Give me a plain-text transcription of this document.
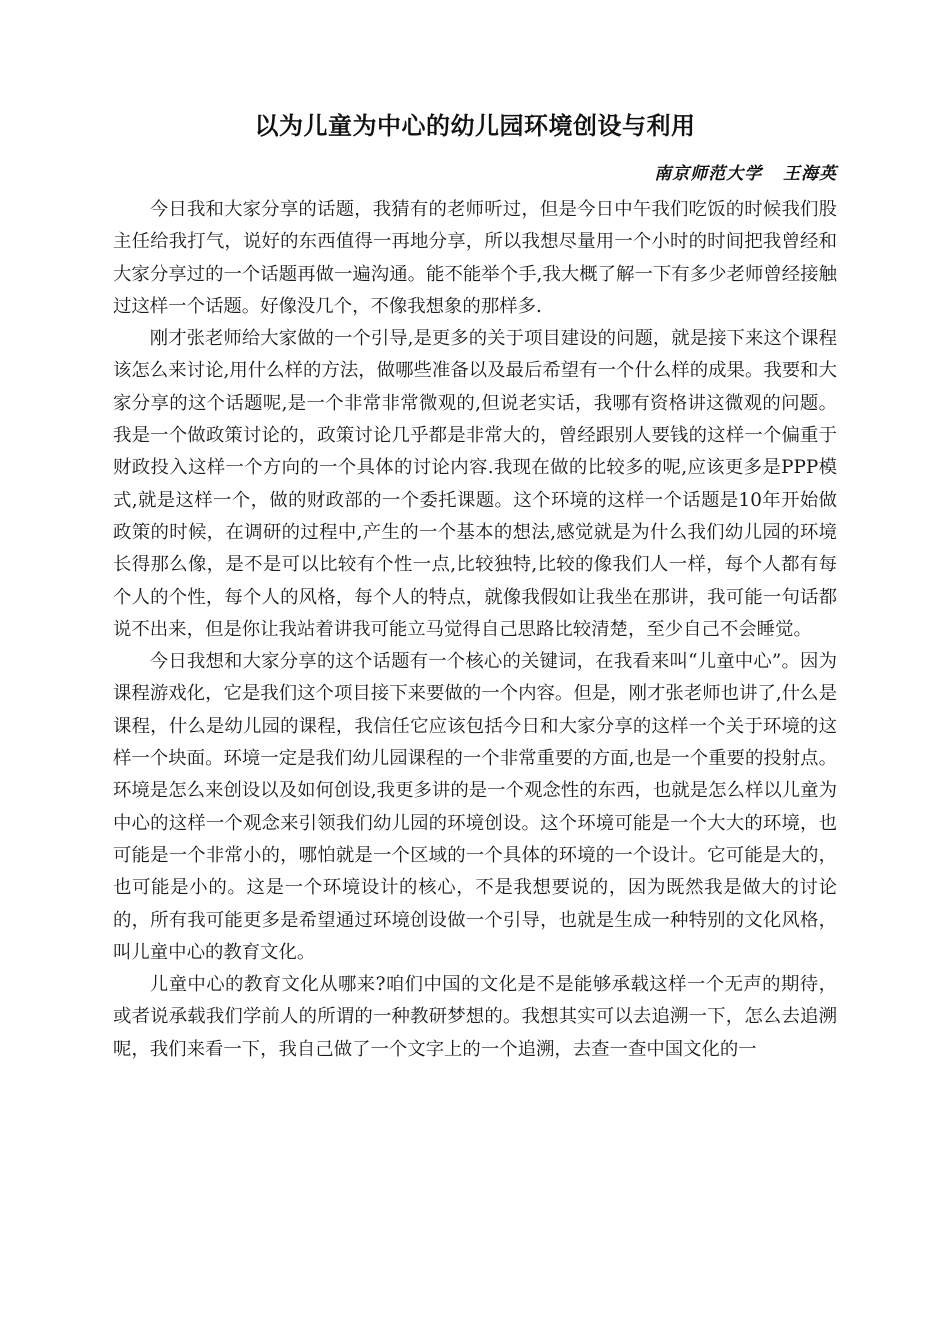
以为儿童为中心的幼儿园环境创设与利用
南京师范大学   王海英

今日我和大家分享的话题，我猜有的老师听过，但是今日中午我们吃饭的时候我们股主任给我打气，说好的东西值得一再地分享，所以我想尽量用一个小时的时间把我曾经和大家分享过的一个话题再做一遍沟通。能不能举个手,我大概了解一下有多少老师曾经接触过这样一个话题。好像没几个，不像我想象的那样多.

刚才张老师给大家做的一个引导,是更多的关于项目建设的问题，就是接下来这个课程该怎么来讨论,用什么样的方法，做哪些准备以及最后希望有一个什么样的成果。我要和大家分享的这个话题呢,是一个非常非常微观的,但说老实话，我哪有资格讲这微观的问题。我是一个做政策讨论的，政策讨论几乎都是非常大的，曾经跟别人要钱的这样一个偏重于财政投入这样一个方向的一个具体的讨论内容.我现在做的比较多的呢,应该更多是PPP模式,就是这样一个，做的财政部的一个委托课题。这个环境的这样一个话题是10年开始做政策的时候，在调研的过程中,产生的一个基本的想法,感觉就是为什么我们幼儿园的环境长得那么像，是不是可以比较有个性一点,比较独特,比较的像我们人一样，每个人都有每个人的个性，每个人的风格，每个人的特点，就像我假如让我坐在那讲，我可能一句话都说不出来，但是你让我站着讲我可能立马觉得自己思路比较清楚，至少自己不会睡觉。

今日我想和大家分享的这个话题有一个核心的关键词，在我看来叫“儿童中心”。因为课程游戏化，它是我们这个项目接下来要做的一个内容。但是，刚才张老师也讲了,什么是课程，什么是幼儿园的课程，我信任它应该包括今日和大家分享的这样一个关于环境的这样一个块面。环境一定是我们幼儿园课程的一个非常重要的方面,也是一个重要的投射点。环境是怎么来创设以及如何创设,我更多讲的是一个观念性的东西，也就是怎么样以儿童为中心的这样一个观念来引领我们幼儿园的环境创设。这个环境可能是一个大大的环境，也可能是一个非常小的，哪怕就是一个区域的一个具体的环境的一个设计。它可能是大的，也可能是小的。这是一个环境设计的核心，不是我想要说的，因为既然我是做大的讨论的，所有我可能更多是希望通过环境创设做一个引导，也就是生成一种特别的文化风格，叫儿童中心的教育文化。

儿童中心的教育文化从哪来?咱们中国的文化是不是能够承载这样一个无声的期待，或者说承载我们学前人的所谓的一种教研梦想的。我想其实可以去追溯一下，怎么去追溯呢，我们来看一下，我自己做了一个文字上的一个追溯，去查一查中国文化的一
